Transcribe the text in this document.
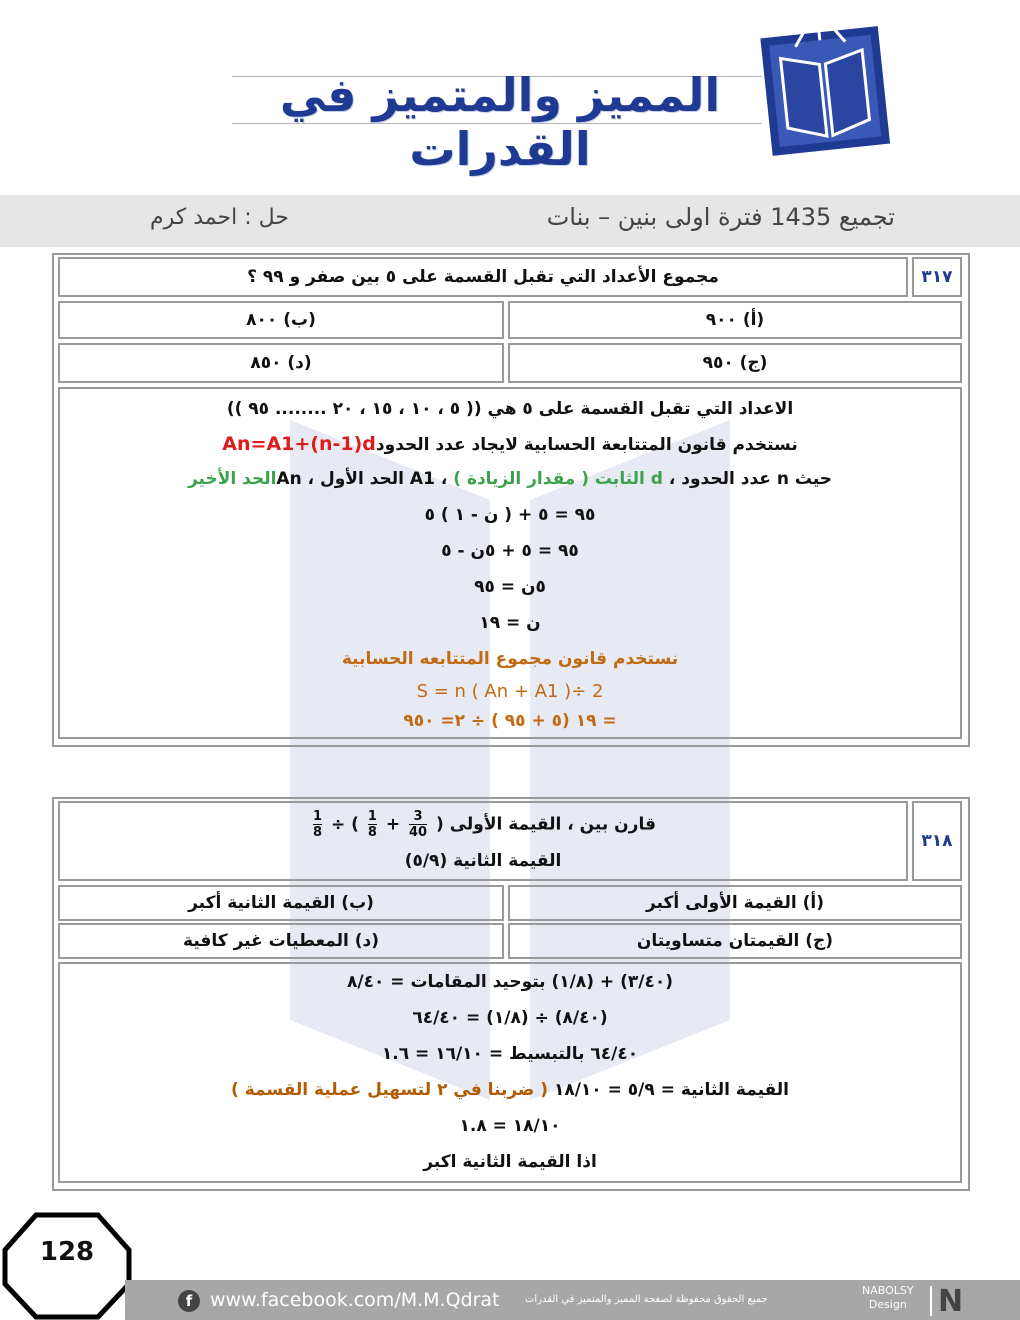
المميز والمتميز في القدرات
حل : احمد كرم	تجميع 1435 فترة اولى بنين – بنات
٣١٧
مجموع الأعداد التي تقبل القسمة على ٥ بين صفر و ٩٩ ؟
(أ) ٩٠٠
(ب) ٨٠٠
(ج) ٩٥٠
(د) ٨٥٠
الاعداد التي تقبل القسمة على ٥ هي (( ٥ ، ١٠ ، ١٥ ، ٢٠ ........ ٩٥ ))
نستخدم قانون المتتابعة الحسابية لايجاد عدد الحدودAn=A1+(n-1)d
حيث n عدد الحدود ، d الثابت ( مقدار الزيادة ) ، A1 الحد الأول ، Anالحد الأخير
٩٥ = ٥ + ( ن - ١ ) ٥
٩٥ = ٥ + ٥ن - ٥
٥ن = ٩٥
ن = ١٩
نستخدم قانون مجموع المتتابعه الحسابية
S = n ( An + A1 )÷ 2
= ١٩ (٥ + ٩٥ ) ÷ ٢= ٩٥٠
٣١٨
قارن بين ، القيمة الأولى (
$\frac{3}{40}$
+
$\frac{1}{8}$
) ÷
$\frac{1}{8}$
القيمة الثانية (٥/٩)
(أ) القيمة الأولى أكبر
(ب) القيمة الثانية أكبر
(ج) القيمتان متساويتان
(د) المعطيات غير كافية
(٣/٤٠) + (١/٨) بتوحيد المقامات = ٨/٤٠
(٨/٤٠) ÷ (١/٨) = ٦٤/٤٠
٦٤/٤٠ بالتبسيط = ١٦/١٠ = ١.٦
القيمة الثانية = ٥/٩ = ١٨/١٠ ( ضربنا في ٢ لتسهيل عملية القسمة )
١٨/١٠ = ١.٨
اذا القيمة الثانية اكبر
128
f www.facebook.com/M.M.Qdrat	جميع الحقوق محفوظة لصفحة المميز والمتميز في القدرات
NABOLSY
Design N
